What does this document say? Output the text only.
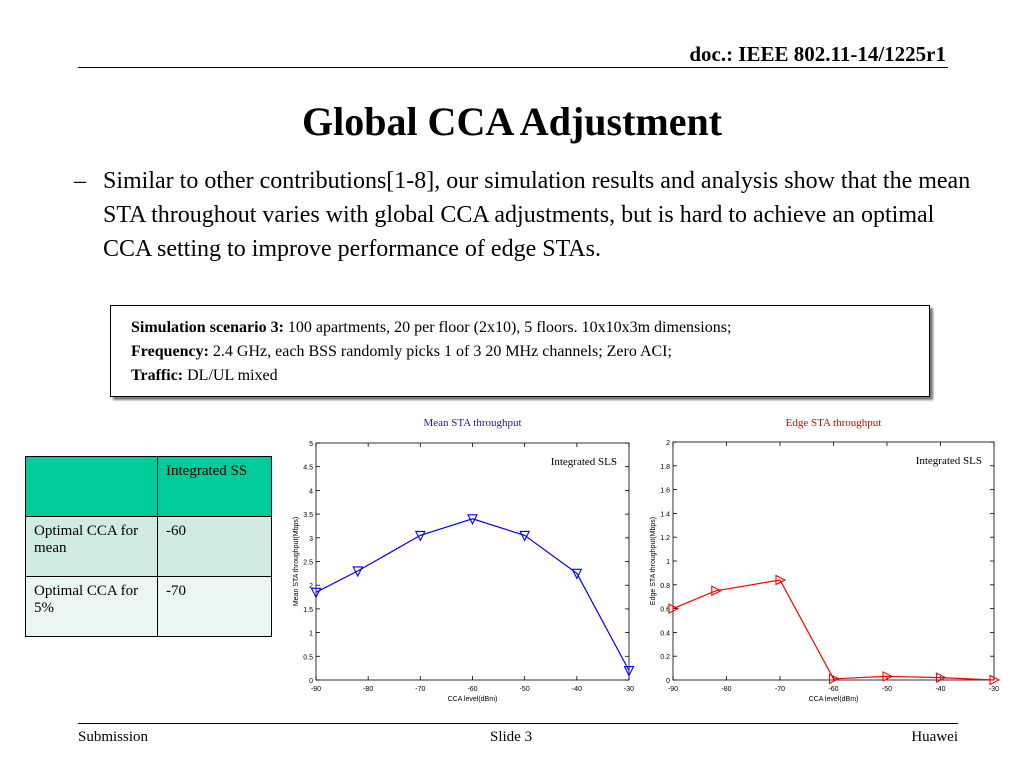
doc.: IEEE 802.11-14/1225r1
Global CCA Adjustment
– Similar to other contributions[1-8], our simulation results and analysis show that the mean STA throughout varies with global CCA adjustments, but is hard to achieve an optimal CCA setting to improve performance of edge STAs.
Simulation scenario 3: 100 apartments, 20 per floor (2x10), 5 floors. 10x10x3m dimensions;
Frequency: 2.4 GHz, each BSS randomly picks 1 of 3 20 MHz channels; Zero ACI;
Traffic: DL/UL mixed
	Integrated SS
Optimal CCA for mean	-60
Optimal CCA for 5%	-70
Mean STA throughput
0
0.5
1
1.5
2
2.5
3
3.5
4
4.5
5
-90	-80	-70	-60	-50	-40	-30
CCA level(dBm)
Mean STA throughput(Mbps)
Integrated SLS
Edge STA throughput
0
0.2
0.4
0.6
0.8
1
1.2
1.4
1.6
1.8
2
-90	-80	-70	-60	-50	-40	-30
CCA level(dBm)
Edge STA throughput(Mbps)
Integrated SLS
Submission	Slide 3	Huawei
